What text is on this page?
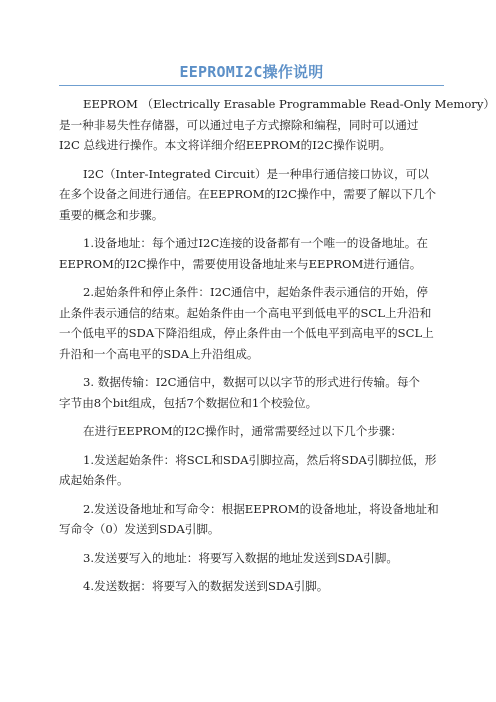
EEPROMI2C操作说明

EEPROM （Electrically Erasable Programmable Read-Only Memory）
是一种非易失性存储器，可以通过电子方式擦除和编程，同时可以通过
I2C 总线进行操作。本文将详细介绍EEPROM的I2C操作说明。

I2C（Inter-Integrated Circuit）是一种串行通信接口协议，可以
在多个设备之间进行通信。在EEPROM的I2C操作中，需要了解以下几个
重要的概念和步骤。

1.设备地址：每个通过I2C连接的设备都有一个唯一的设备地址。在
EEPROM的I2C操作中，需要使用设备地址来与EEPROM进行通信。

2.起始条件和停止条件：I2C通信中，起始条件表示通信的开始，停
止条件表示通信的结束。起始条件由一个高电平到低电平的SCL上升沿和
一个低电平的SDA下降沿组成，停止条件由一个低电平到高电平的SCL上
升沿和一个高电平的SDA上升沿组成。

3. 数据传输：I2C通信中，数据可以以字节的形式进行传输。每个
字节由8个bit组成，包括7个数据位和1个校验位。

在进行EEPROM的I2C操作时，通常需要经过以下几个步骤：

1.发送起始条件：将SCL和SDA引脚拉高，然后将SDA引脚拉低，形
成起始条件。

2.发送设备地址和写命令：根据EEPROM的设备地址，将设备地址和
写命令（0）发送到SDA引脚。

3.发送要写入的地址：将要写入数据的地址发送到SDA引脚。

4.发送数据：将要写入的数据发送到SDA引脚。
